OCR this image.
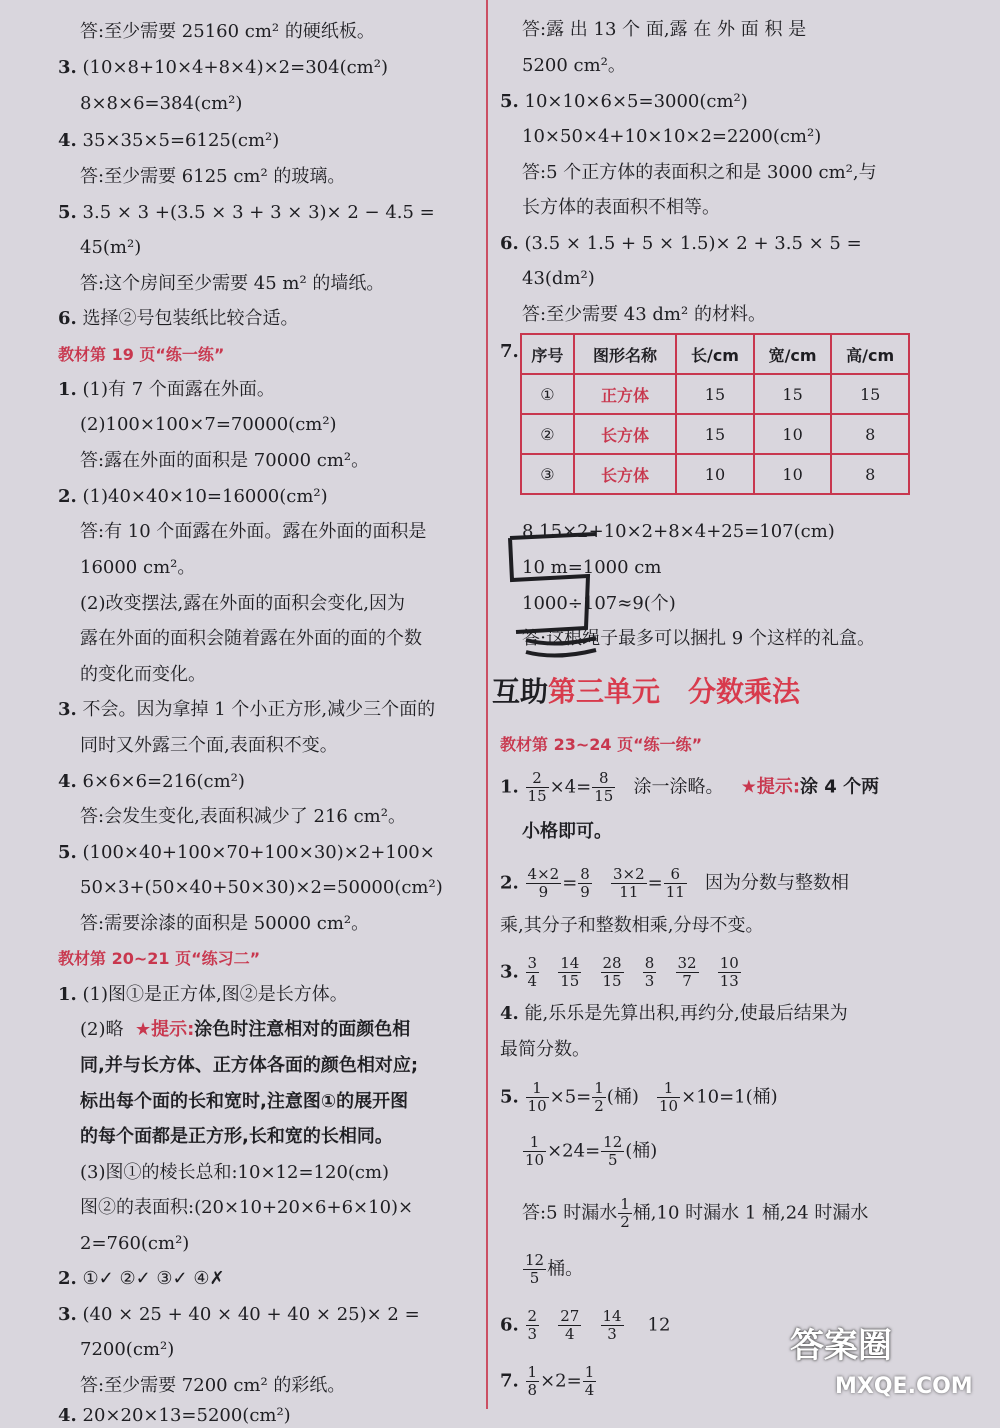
答:至少需要 25160 cm² 的硬纸板。
3. (10×8+10×4+8×4)×2=304(cm²)
8×8×6=384(cm²)
4. 35×35×5=6125(cm²)
答:至少需要 6125 cm² 的玻璃。
5. 3.5 × 3 +(3.5 × 3 + 3 × 3)× 2 − 4.5 =
45(m²)
答:这个房间至少需要 45 m² 的墙纸。
6. 选择②号包装纸比较合适。
教材第 19 页“练一练”
1. (1)有 7 个面露在外面。
(2)100×100×7=70000(cm²)
答:露在外面的面积是 70000 cm²。
2. (1)40×40×10=16000(cm²)
答:有 10 个面露在外面。露在外面的面积是
16000 cm²。
(2)改变摆法,露在外面的面积会变化,因为
露在外面的面积会随着露在外面的面的个数
的变化而变化。
3. 不会。因为拿掉 1 个小正方形,减少三个面的
同时又外露三个面,表面积不变。
4. 6×6×6=216(cm²)
答:会发生变化,表面积减少了 216 cm²。
5. (100×40+100×70+100×30)×2+100×
50×3+(50×40+50×30)×2=50000(cm²)
答:需要涂漆的面积是 50000 cm²。
教材第 20~21 页“练习二”
1. (1)图①是正方体,图②是长方体。
(2)略 ★提示:涂色时注意相对的面颜色相
同,并与长方体、正方体各面的颜色相对应;
标出每个面的长和宽时,注意图①的展开图
的每个面都是正方形,长和宽的长相同。
(3)图①的棱长总和:10×12=120(cm)
图②的表面积:(20×10+20×6+6×10)×
2=760(cm²)
2. ①✓ ②✓ ③✓ ④✗
3. (40 × 25 + 40 × 40 + 40 × 25)× 2 =
7200(cm²)
答:至少需要 7200 cm² 的彩纸。
4. 20×20×13=5200(cm²)
答:露 出 13 个 面,露 在 外 面 积 是
5200 cm²。
5. 10×10×6×5=3000(cm²)
10×50×4+10×10×2=2200(cm²)
答:5 个正方体的表面积之和是 3000 cm²,与
长方体的表面积不相等。
6. (3.5 × 1.5 + 5 × 1.5)× 2 + 3.5 × 5 =
43(dm²)
答:至少需要 43 dm² 的材料。
7. 序号	图形名称	长/cm	宽/cm	高/cm
①	正方体	15	15	15
②	长方体	15	10	8
③	长方体	10	10	8
8.15×2+10×2+8×4+25=107(cm)
10 m=1000 cm
1000÷107≈9(个)
答:这根绳子最多可以捆扎 9 个这样的礼盒。
互助第三单元　分数乘法
教材第 23~24 页“练一练”
1. $\frac{2}{15} \times 4= \frac{8}{15}$ 涂一涂略。 ★提示:涂 4 个两
小格即可。
2. $\frac{4\times 2}{9} = \frac{8}{9}$
$\frac{3\times 2}{11} = \frac{6}{11}$ 因为分数与整数相
乘,其分子和整数相乘,分母不变。
3. $\frac{3}{4}$
$\frac{14}{15}$
$\frac{28}{15}$
$\frac{8}{3}$
$\frac{32}{7}$
$\frac{10}{13}$
4. 能,乐乐是先算出积,再约分,使最后结果为
最简分数。
5. $\frac{1}{10} \times 5= \frac{1}{2}$ (桶) $\frac{1}{10} \times 10=1$(桶)
$\frac{1}{10} \times 24= \frac{12}{5}$ (桶)
答:5 时漏水 $\frac{1}{2}$ 桶,10 时漏水 1 桶,24 时漏水
$\frac{12}{5}$ 桶。
6. $\frac{2}{3}$
$\frac{27}{4}$
$\frac{14}{3} 12$
7. $\frac{1}{8} \times 2= \frac{1}{4}$
答案圈
MXQE.COM
